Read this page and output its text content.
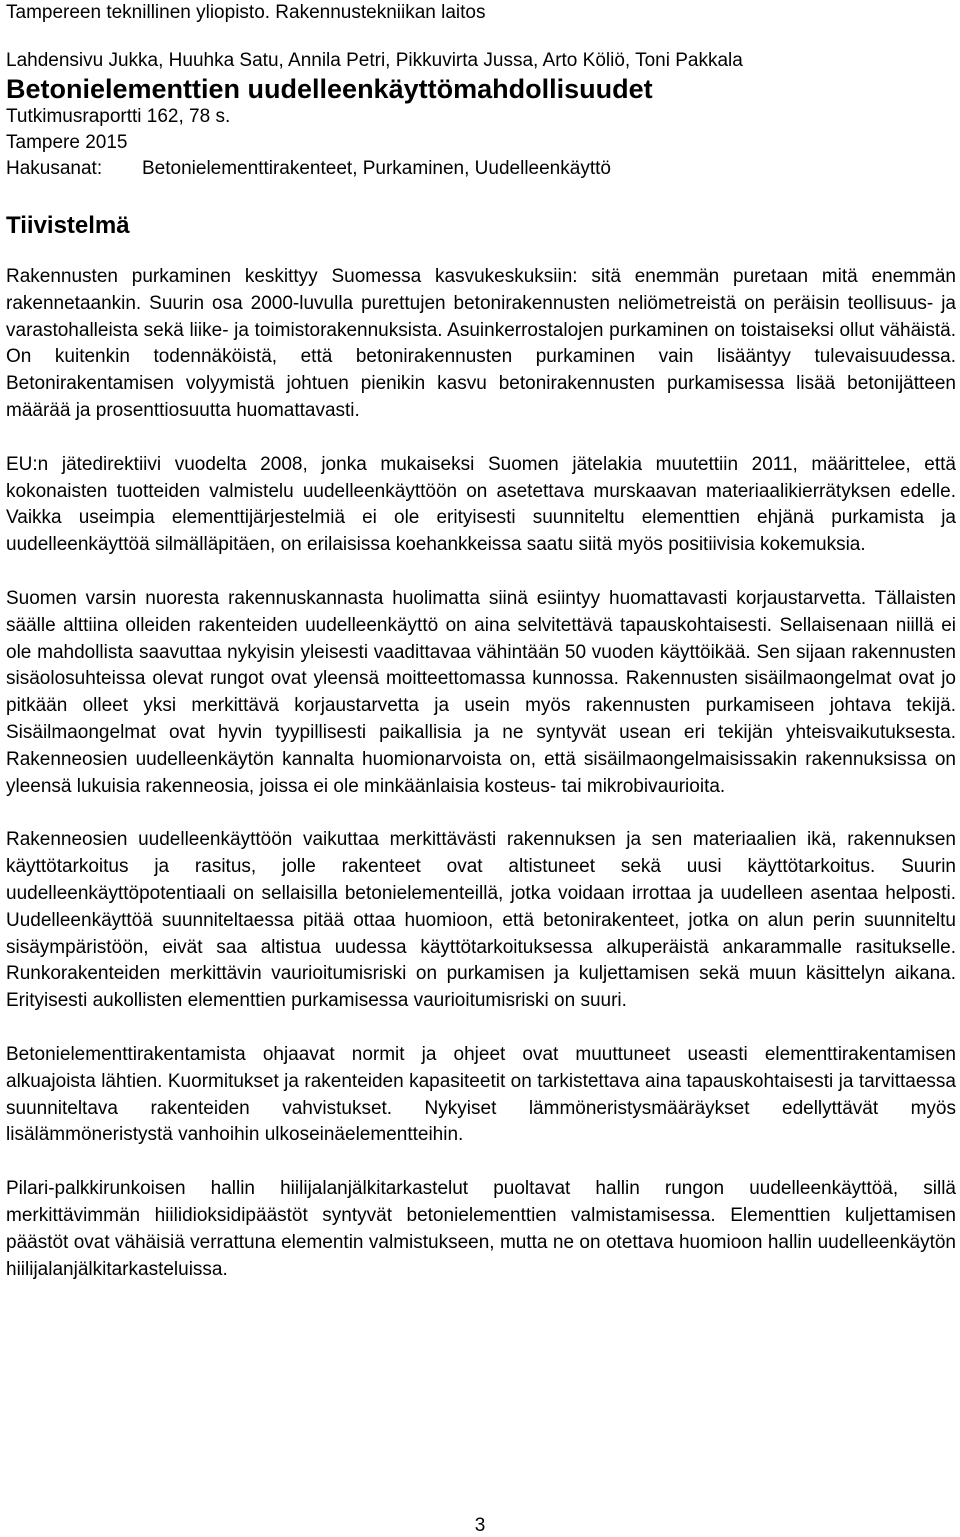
Tampereen teknillinen yliopisto. Rakennustekniikan laitos

Lahdensivu Jukka, Huuhka Satu, Annila Petri, Pikkuvirta Jussa, Arto Köliö, Toni Pakkala

Betonielementtien uudelleenkäyttömahdollisuudet

Tutkimusraportti 162, 78 s.

Tampere 2015

Hakusanat: Betonielementtirakenteet, Purkaminen, Uudelleenkäyttö

Tiivistelmä

Rakennusten purkaminen keskittyy Suomessa kasvukeskuksiin: sitä enemmän puretaan mitä enemmän rakennetaankin. Suurin osa 2000-luvulla purettujen betonirakennusten neliömetreistä on peräisin teollisuus- ja varastohalleista sekä liike- ja toimistorakennuksista. Asuinkerrostalojen purkaminen on toistaiseksi ollut vähäistä. On kuitenkin todennäköistä, että betonirakennusten purkaminen vain lisääntyy tulevaisuudessa. Betonirakentamisen volyymistä johtuen pienikin kasvu betonirakennusten purkamisessa lisää betonijätteen määrää ja prosenttiosuutta huomattavasti.

EU:n jätedirektiivi vuodelta 2008, jonka mukaiseksi Suomen jätelakia muutettiin 2011, määrittelee, että kokonaisten tuotteiden valmistelu uudelleenkäyttöön on asetettava murskaavan materiaalikierrätyksen edelle. Vaikka useimpia elementtijärjestelmiä ei ole erityisesti suunniteltu elementtien ehjänä purkamista ja uudelleenkäyttöä silmälläpitäen, on erilaisissa koehankkeissa saatu siitä myös positiivisia kokemuksia.

Suomen varsin nuoresta rakennuskannasta huolimatta siinä esiintyy huomattavasti korjaustarvetta. Tällaisten säälle alttiina olleiden rakenteiden uudelleenkäyttö on aina selvitettävä tapauskohtaisesti. Sellaisenaan niillä ei ole mahdollista saavuttaa nykyisin yleisesti vaadittavaa vähintään 50 vuoden käyttöikää. Sen sijaan rakennusten sisäolosuhteissa olevat rungot ovat yleensä moitteettomassa kunnossa. Rakennusten sisäilmaongelmat ovat jo pitkään olleet yksi merkittävä korjaustarvetta ja usein myös rakennusten purkamiseen johtava tekijä. Sisäilmaongelmat ovat hyvin tyypillisesti paikallisia ja ne syntyvät usean eri tekijän yhteisvaikutuksesta. Rakenneosien uudelleenkäytön kannalta huomionarvoista on, että sisäilmaongelmaisissakin rakennuksissa on yleensä lukuisia rakenneosia, joissa ei ole minkäänlaisia kosteus- tai mikrobivaurioita.

Rakenneosien uudelleenkäyttöön vaikuttaa merkittävästi rakennuksen ja sen materiaalien ikä, rakennuksen käyttötarkoitus ja rasitus, jolle rakenteet ovat altistuneet sekä uusi käyttötarkoitus. Suurin uudelleenkäyttöpotentiaali on sellaisilla betonielementeillä, jotka voidaan irrottaa ja uudelleen asentaa helposti. Uudelleenkäyttöä suunniteltaessa pitää ottaa huomioon, että betonirakenteet, jotka on alun perin suunniteltu sisäympäristöön, eivät saa altistua uudessa käyttötarkoituksessa alkuperäistä ankarammalle rasitukselle. Runkorakenteiden merkittävin vaurioitumisriski on purkamisen ja kuljettamisen sekä muun käsittelyn aikana. Erityisesti aukollisten elementtien purkamisessa vaurioitumisriski on suuri.

Betonielementtirakentamista ohjaavat normit ja ohjeet ovat muuttuneet useasti elementtirakentamisen alkuajoista lähtien. Kuormitukset ja rakenteiden kapasiteetit on tarkistettava aina tapauskohtaisesti ja tarvittaessa suunniteltava rakenteiden vahvistukset. Nykyiset lämmöneristysmääräykset edellyttävät myös lisälämmöneristystä vanhoihin ulkoseinäelementteihin.

Pilari-palkkirunkoisen hallin hiilijalanjälkitarkastelut puoltavat hallin rungon uudelleenkäyttöä, sillä merkittävimmän hiilidioksidipäästöt syntyvät betonielementtien valmistamisessa. Elementtien kuljettamisen päästöt ovat vähäisiä verrattuna elementin valmistukseen, mutta ne on otettava huomioon hallin uudelleenkäytön hiilijalanjälkitarkasteluissa.

3
